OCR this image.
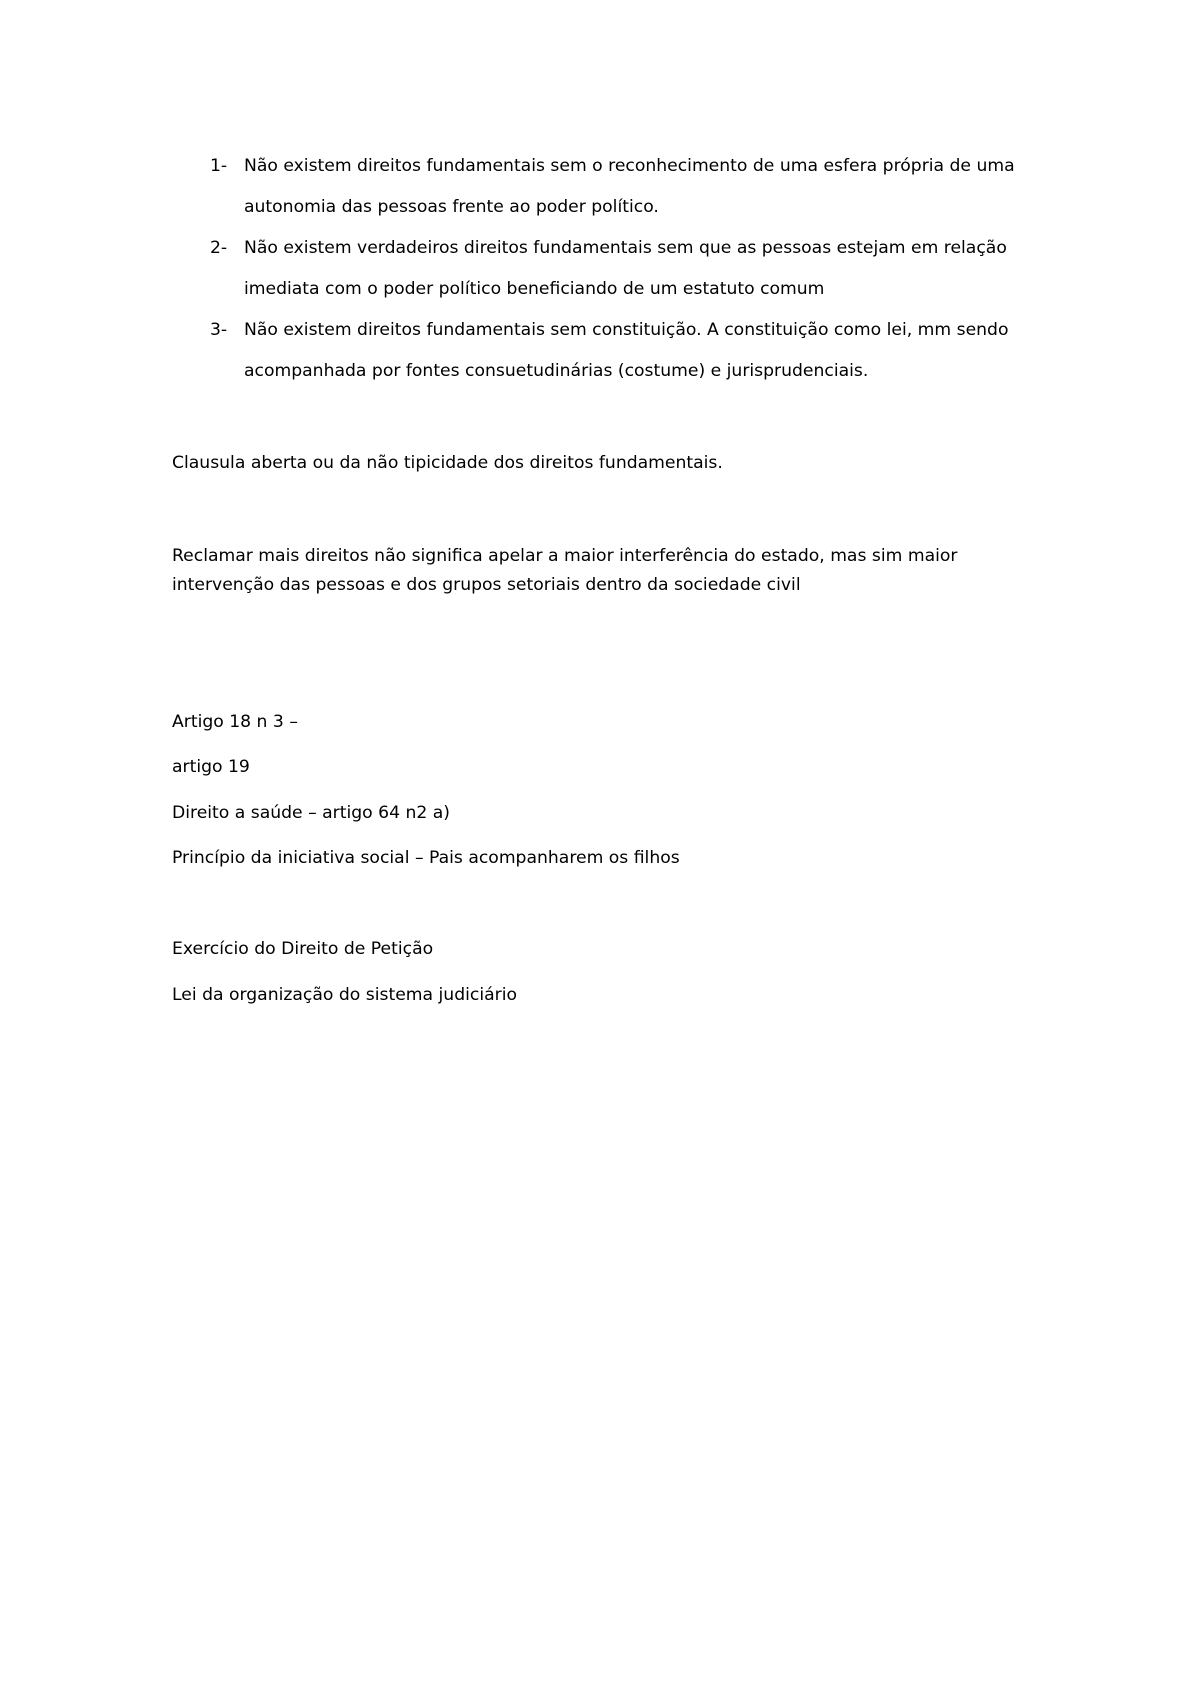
1- Não existem direitos fundamentais sem o reconhecimento de uma esfera própria de uma autonomia das pessoas frente ao poder político.
2- Não existem verdadeiros direitos fundamentais sem que as pessoas estejam em relação imediata com o poder político beneficiando de um estatuto comum
3- Não existem direitos fundamentais sem constituição. A constituição como lei, mm sendo acompanhada por fontes consuetudinárias (costume) e jurisprudenciais.

Clausula aberta ou da não tipicidade dos direitos fundamentais.

Reclamar mais direitos não significa apelar a maior interferência do estado, mas sim maior intervenção das pessoas e dos grupos setoriais dentro da sociedade civil

Artigo 18 n 3 –

artigo 19

Direito a saúde – artigo 64 n2 a)

Princípio da iniciativa social – Pais acompanharem os filhos

Exercício do Direito de Petição

Lei da organização do sistema judiciário
